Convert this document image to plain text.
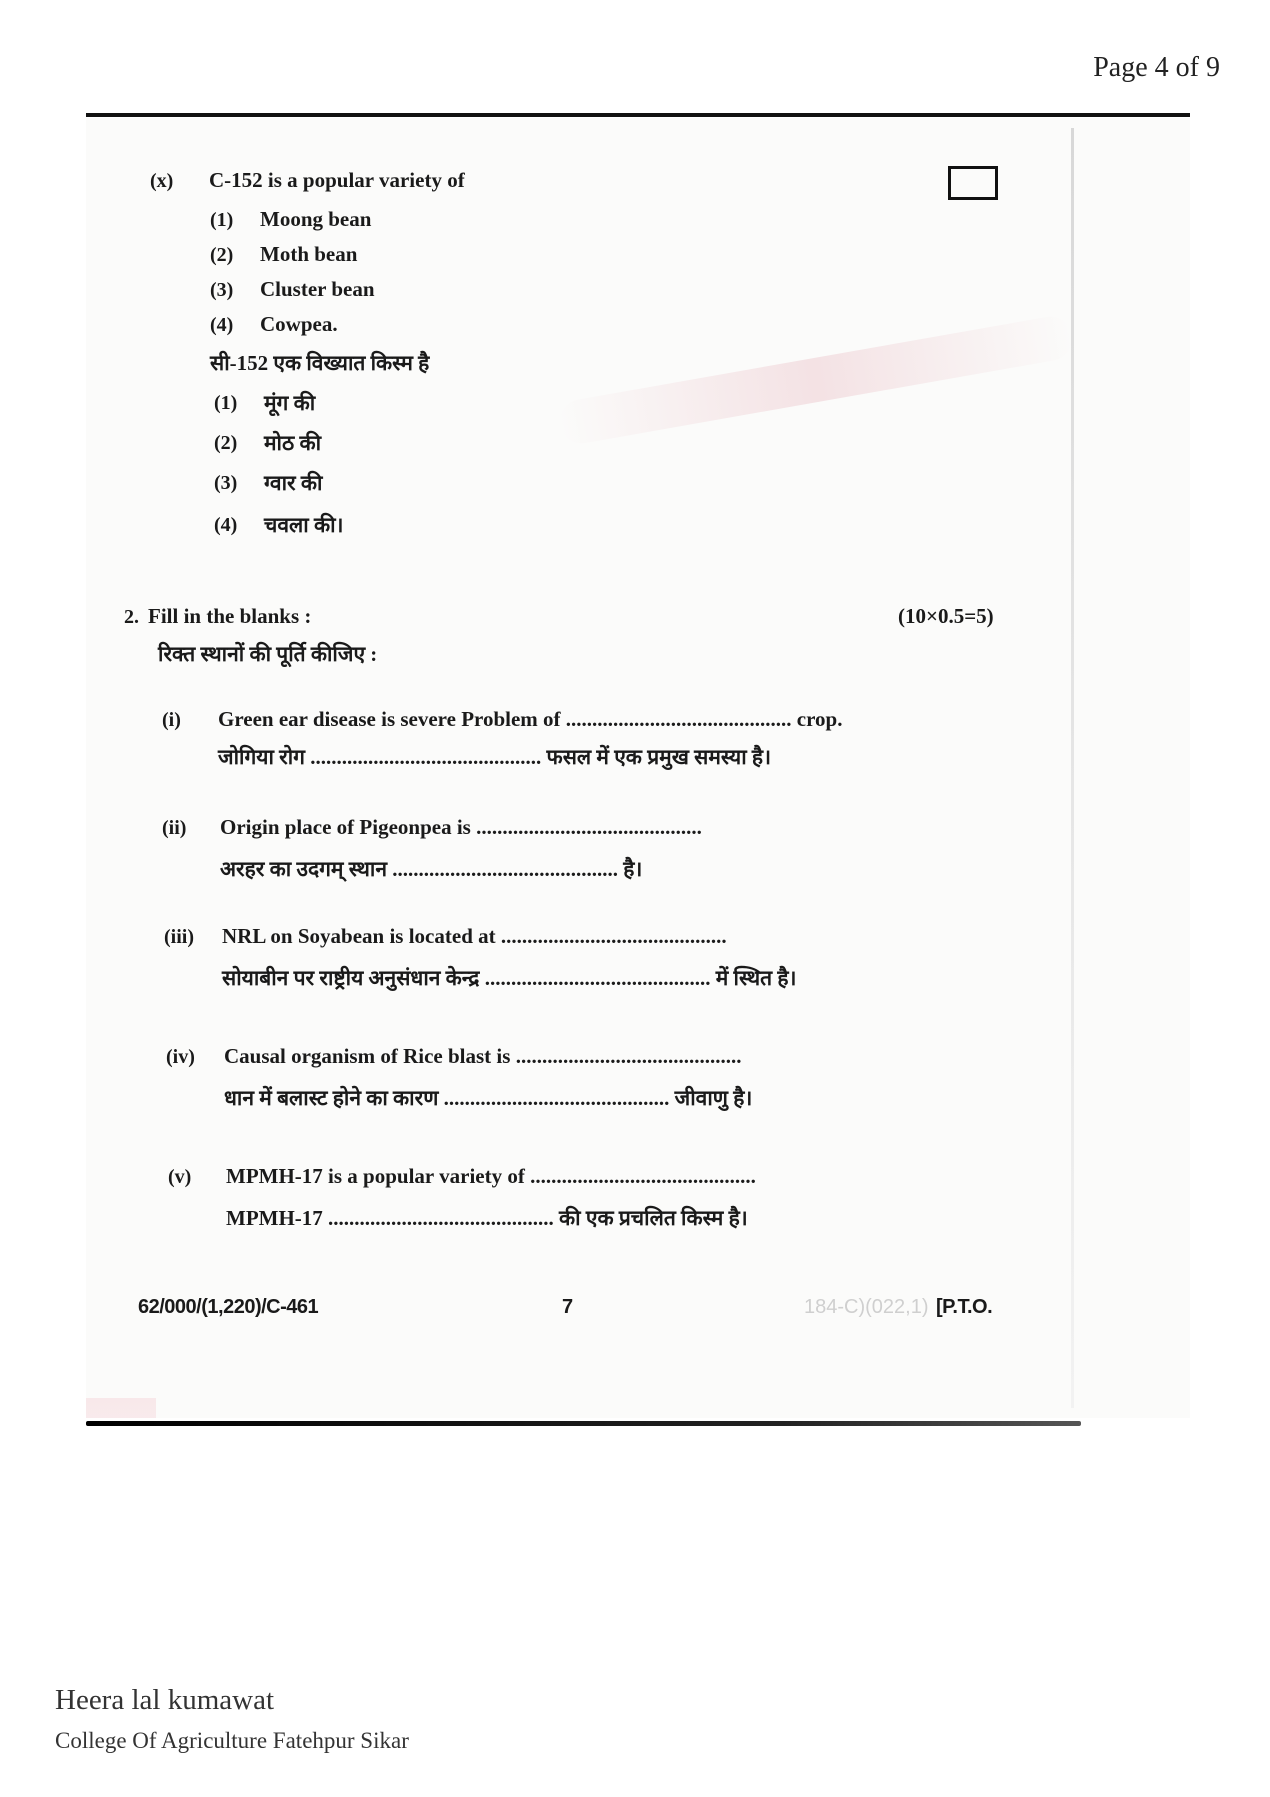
Page 4 of 9
(x) C-152 is a popular variety of
(1) Moong bean
(2) Moth bean
(3) Cluster bean
(4) Cowpea.
सी-152 एक विख्यात किस्म है
(1) मूंग की
(2) मोठ की
(3) ग्वार की
(4) चवला की।
2. Fill in the blanks :	(10×0.5=5)
रिक्त स्थानों की पूर्ति कीजिए :
(i) Green ear disease is severe Problem of ........................................... crop.
जोगिया रोग ............................................ फसल में एक प्रमुख समस्या है।
(ii) Origin place of Pigeonpea is ...........................................
अरहर का उदगम् स्थान ........................................... है।
(iii) NRL on Soyabean is located at ...........................................
सोयाबीन पर राष्ट्रीय अनुसंधान केन्द्र ........................................... में स्थित है।
(iv) Causal organism of Rice blast is ...........................................
धान में बलास्ट होने का कारण ........................................... जीवाणु है।
(v) MPMH-17 is a popular variety of ...........................................
MPMH-17 ........................................... की एक प्रचलित किस्म है।
62/000/(1,220)/C-461	7	184-C)(022,1) [P.T.O.
Heera lal kumawat
College Of Agriculture Fatehpur Sikar
